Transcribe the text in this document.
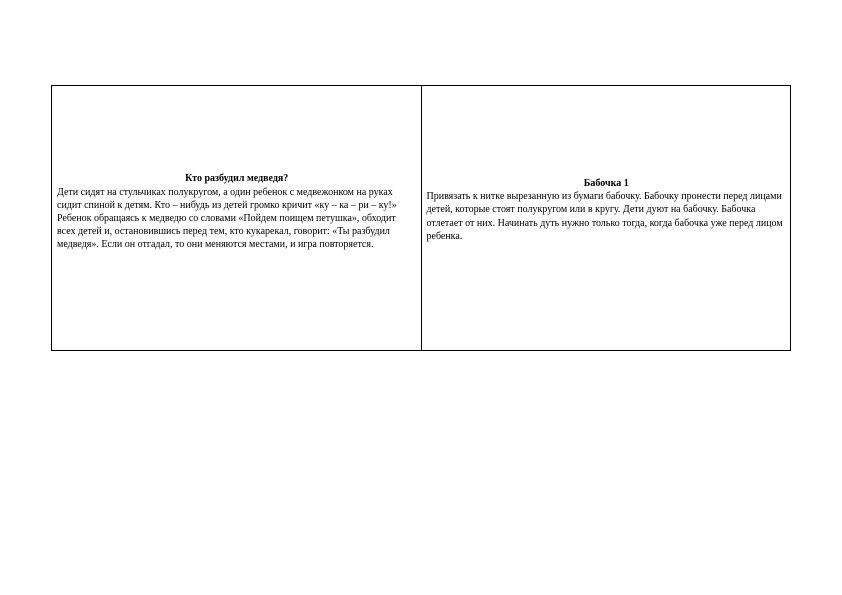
Кто разбудил медведя?
Дети сидят на стульчиках полукругом, а один ребенок с медвежонком на руках сидит спиной к детям. Кто – нибудь из детей громко кричит «ку – ка – ри – ку!» Ребенок обращаясь к медведю со словами «Пойдем поищем петушка», обходит всех детей и, остановившись перед тем, кто кукарекал, говорит: «Ты разбудил медведя». Если он отгадал, то они меняются местами, и игра повторяется.
Бабочка 1
Привязать к нитке вырезанную из бумаги бабочку. Бабочку пронести перед лицами детей, которые стоят полукругом или в кругу. Дети дуют на бабочку. Бабочка отлетает от них. Начинать дуть нужно только тогда, когда бабочка уже перед лицом ребенка.
